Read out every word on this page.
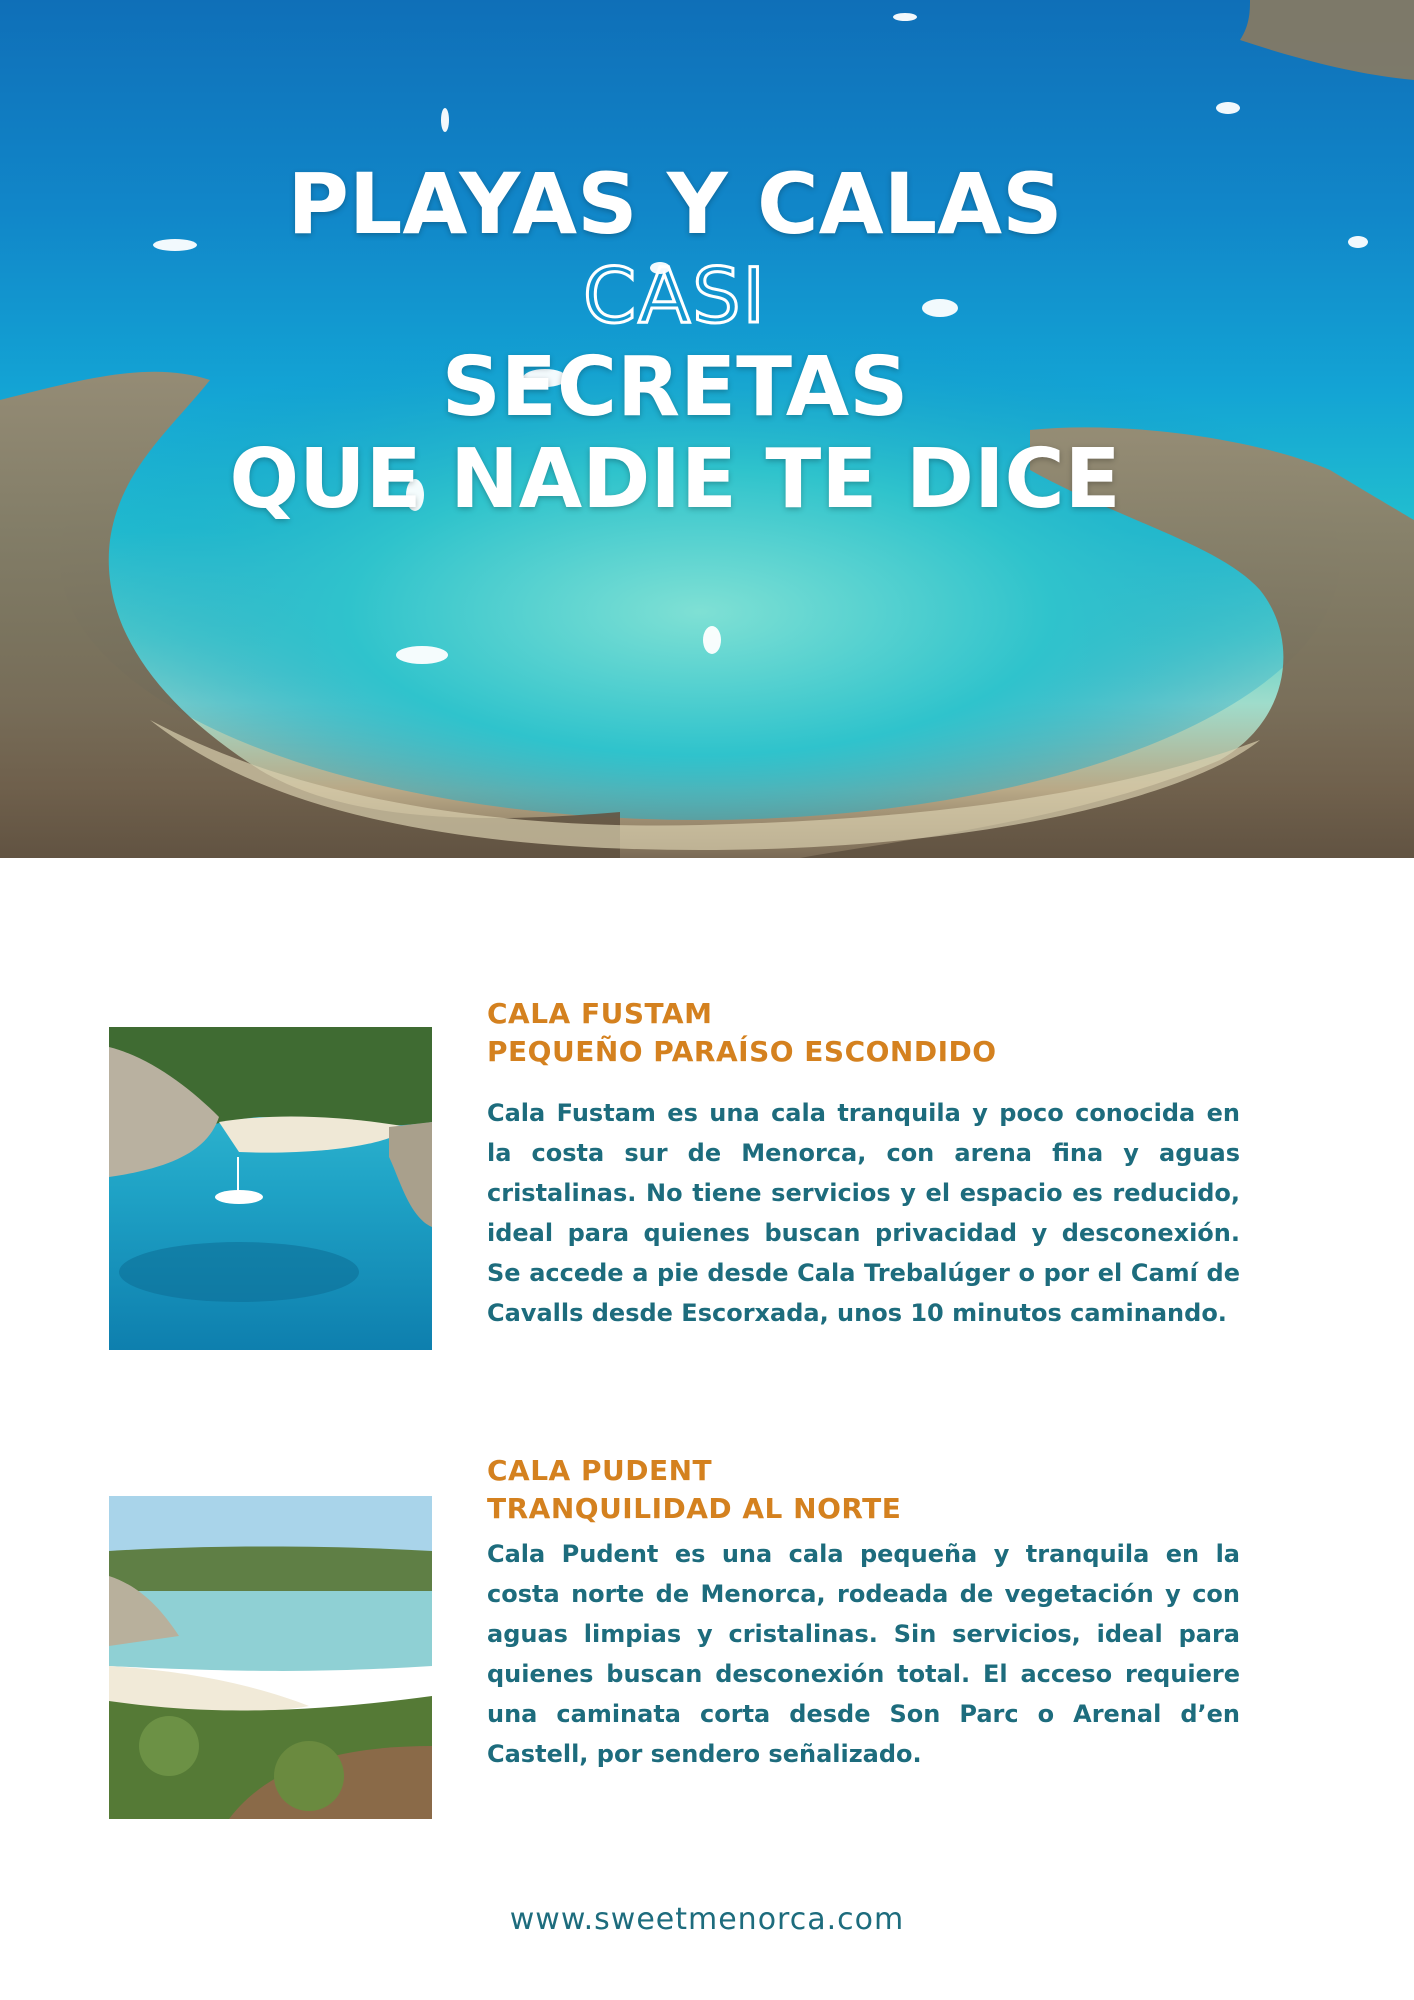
PLAYAS Y CALAS
CASI
SECRETAS
QUE NADIE TE DICE
CALA FUSTAM
PEQUEÑO PARAÍSO ESCONDIDO

Cala Fustam es una cala tranquila y poco conocida en la costa sur de Menorca, con arena fina y aguas cristalinas. No tiene servicios y el espacio es reducido, ideal para quienes buscan privacidad y desconexión. Se accede a pie desde Cala Trebalúger o por el Camí de Cavalls desde Escorxada, unos 10 minutos caminando.

CALA PUDENT
TRANQUILIDAD AL NORTE

Cala Pudent es una cala pequeña y tranquila en la costa norte de Menorca, rodeada de vegetación y con aguas limpias y cristalinas. Sin servicios, ideal para quienes buscan desconexión total. El acceso requiere una caminata corta desde Son Parc o Arenal d’en Castell, por sendero señalizado.

www.sweetmenorca.com
